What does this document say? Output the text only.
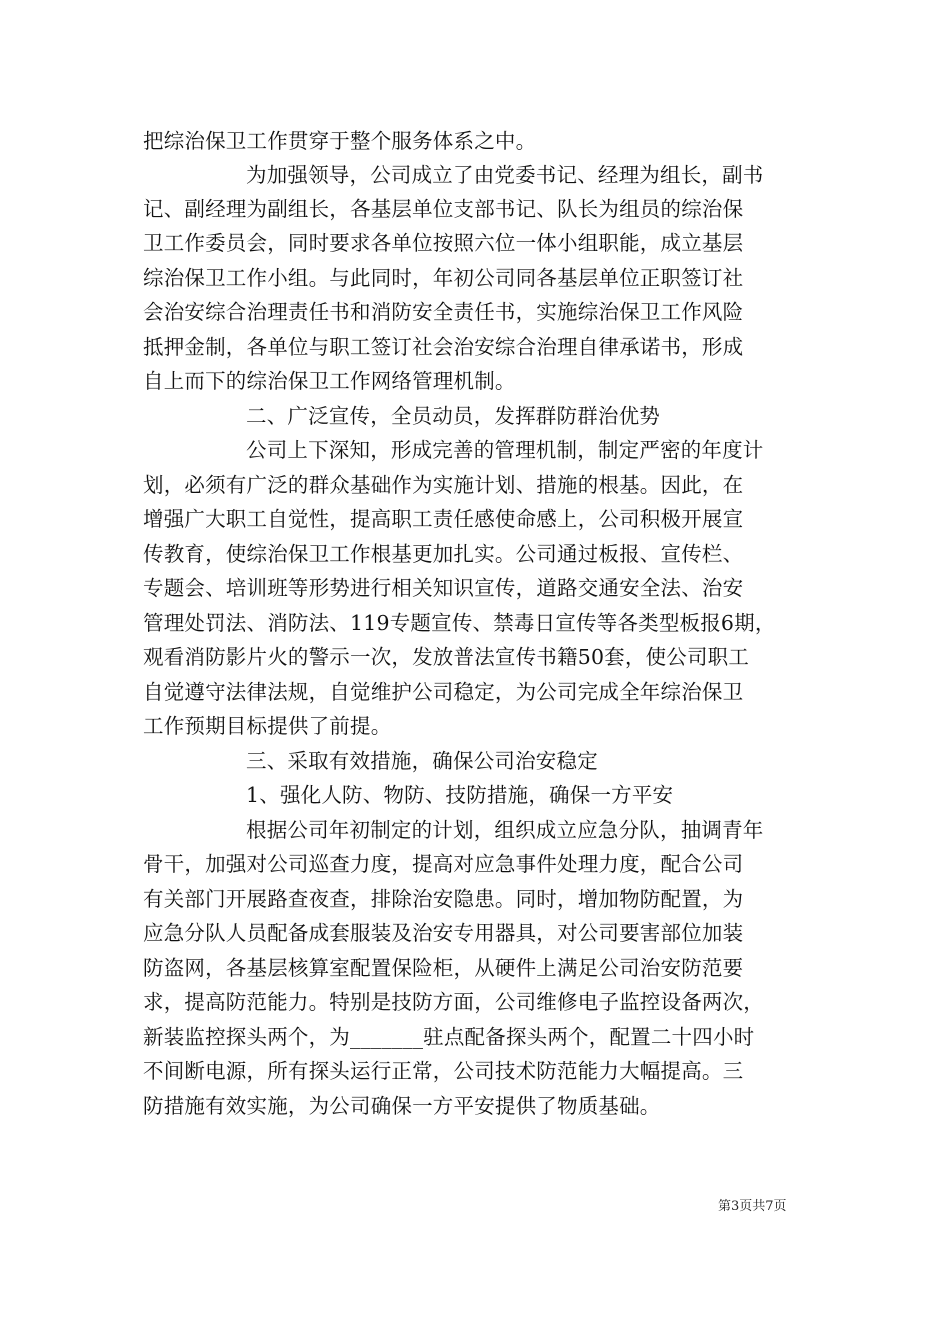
把综治保卫工作贯穿于整个服务体系之中。
为加强领导，公司成立了由党委书记、经理为组长，副书
记、副经理为副组长，各基层单位支部书记、队长为组员的综治保
卫工作委员会，同时要求各单位按照六位一体小组职能，成立基层
综治保卫工作小组。与此同时，年初公司同各基层单位正职签订社
会治安综合治理责任书和消防安全责任书，实施综治保卫工作风险
抵押金制，各单位与职工签订社会治安综合治理自律承诺书，形成
自上而下的综治保卫工作网络管理机制。
二、广泛宣传，全员动员，发挥群防群治优势
公司上下深知，形成完善的管理机制，制定严密的年度计
划，必须有广泛的群众基础作为实施计划、措施的根基。因此，在
增强广大职工自觉性，提高职工责任感使命感上，公司积极开展宣
传教育，使综治保卫工作根基更加扎实。公司通过板报、宣传栏、
专题会、培训班等形势进行相关知识宣传，道路交通安全法、治安
管理处罚法、消防法、119专题宣传、禁毒日宣传等各类型板报6期，
观看消防影片火的警示一次，发放普法宣传书籍50套，使公司职工
自觉遵守法律法规，自觉维护公司稳定，为公司完成全年综治保卫
工作预期目标提供了前提。
三、采取有效措施，确保公司治安稳定
1、强化人防、物防、技防措施，确保一方平安
根据公司年初制定的计划，组织成立应急分队，抽调青年
骨干，加强对公司巡查力度，提高对应急事件处理力度，配合公司
有关部门开展路查夜查，排除治安隐患。同时，增加物防配置，为
应急分队人员配备成套服装及治安专用器具，对公司要害部位加装
防盗网，各基层核算室配置保险柜，从硬件上满足公司治安防范要
求，提高防范能力。特别是技防方面，公司维修电子监控设备两次，
新装监控探头两个，为_______驻点配备探头两个，配置二十四小时
不间断电源，所有探头运行正常，公司技术防范能力大幅提高。三
防措施有效实施，为公司确保一方平安提供了物质基础。
第3页共7页
